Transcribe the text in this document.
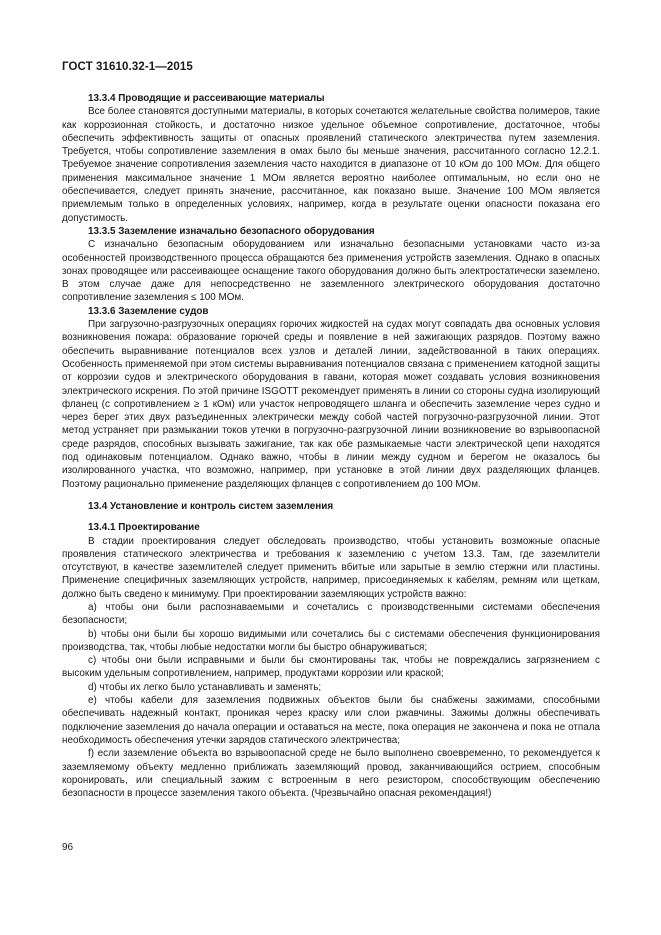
ГОСТ 31610.32-1—2015
13.3.4 Проводящие и рассеивающие материалы

Все более становятся доступными материалы, в которых сочетаются желательные свойства полимеров, такие как коррозионная стойкость, и достаточно низкое удельное объемное сопротивление, достаточное, чтобы обеспечить эффективность защиты от опасных проявлений статического электричества путем заземления. Требуется, чтобы сопротивление заземления в омах было бы меньше значения, рассчитанного согласно 12.2.1. Требуемое значение сопротивления заземления часто находится в диапазоне от 10 кОм до 100 МОм. Для общего применения максимальное значение 1 МОм является вероятно наиболее оптимальным, но если оно не обеспечивается, следует принять значение, рассчитанное, как показано выше. Значение 100 МОм является приемлемым только в определенных условиях, например, когда в результате оценки опасности показана его допустимость.

13.3.5 Заземление изначально безопасного оборудования

С изначально безопасным оборудованием или изначально безопасными установками часто из-за особенностей производственного процесса обращаются без применения устройств заземления. Однако в опасных зонах проводящее или рассеивающее оснащение такого оборудования должно быть электростатически заземлено. В этом случае даже для непосредственно не заземленного электрического оборудования достаточно сопротивление заземления ≤ 100 МОм.

13.3.6 Заземление судов

При загрузочно-разгрузочных операциях горючих жидкостей на судах могут совпадать два основных условия возникновения пожара: образование горючей среды и появление в ней зажигающих разрядов. Поэтому важно обеспечить выравнивание потенциалов всех узлов и деталей линии, задействованной в таких операциях. Особенность применяемой при этом системы выравнивания потенциалов связана с применением катодной защиты от коррозии судов и электрического оборудования в гавани, которая может создавать условия возникновения электрического искрения. По этой причине ISGOTT рекомендует применять в линии со стороны судна изолирующий фланец (с сопротивлением ≥ 1 кОм) или участок непроводящего шланга и обеспечить заземление через судно и через берег этих двух разъединенных электрически между собой частей погрузочно-разгрузочной линии. Этот метод устраняет при размыкании токов утечки в погрузочно-разгрузочной линии возникновение во взрывоопасной среде разрядов, способных вызывать зажигание, так как обе размыкаемые части электрической цепи находятся под одинаковым потенциалом. Однако важно, чтобы в линии между судном и берегом не оказалось бы изолированного участка, что возможно, например, при установке в этой линии двух разделяющих фланцев. Поэтому рационально применение разделяющих фланцев с сопротивлением до 100 МОм.

13.4 Установление и контроль систем заземления
13.4.1 Проектирование

В стадии проектирования следует обследовать производство, чтобы установить возможные опасные проявления статического электричества и требования к заземлению с учетом 13.3. Там, где заземлители отсутствуют, в качестве заземлителей следует применить вбитые или зарытые в землю стержни или пластины. Применение специфичных заземляющих устройств, например, присоединяемых к кабелям, ремням или щеткам, должно быть сведено к минимуму. При проектировании заземляющих устройств важно:

а) чтобы они были распознаваемыми и сочетались с производственными системами обеспечения безопасности;

b) чтобы они были бы хорошо видимыми или сочетались бы с системами обеспечения функционирования производства, так, чтобы любые недостатки могли бы быстро обнаруживаться;

c) чтобы они были исправными и были бы смонтированы так, чтобы не повреждались загрязнением с высоким удельным сопротивлением, например, продуктами коррозии или краской;

d) чтобы их легко было устанавливать и заменять;

e) чтобы кабели для заземления подвижных объектов были бы снабжены зажимами, способными обеспечивать надежный контакт, проникая через краску или слои ржавчины. Зажимы должны обеспечивать подключение заземления до начала операции и оставаться на месте, пока операция не закончена и пока не отпала необходимость обеспечения утечки зарядов статического электричества;

f) если заземление объекта во взрывоопасной среде не было выполнено своевременно, то рекомендуется к заземляемому объекту медленно приближать заземляющий провод, заканчивающийся острием, способным коронировать, или специальный зажим с встроенным в него резистором, способствующим обеспечению безопасности в процессе заземления такого объекта. (Чрезвычайно опасная рекомендация!)

96
